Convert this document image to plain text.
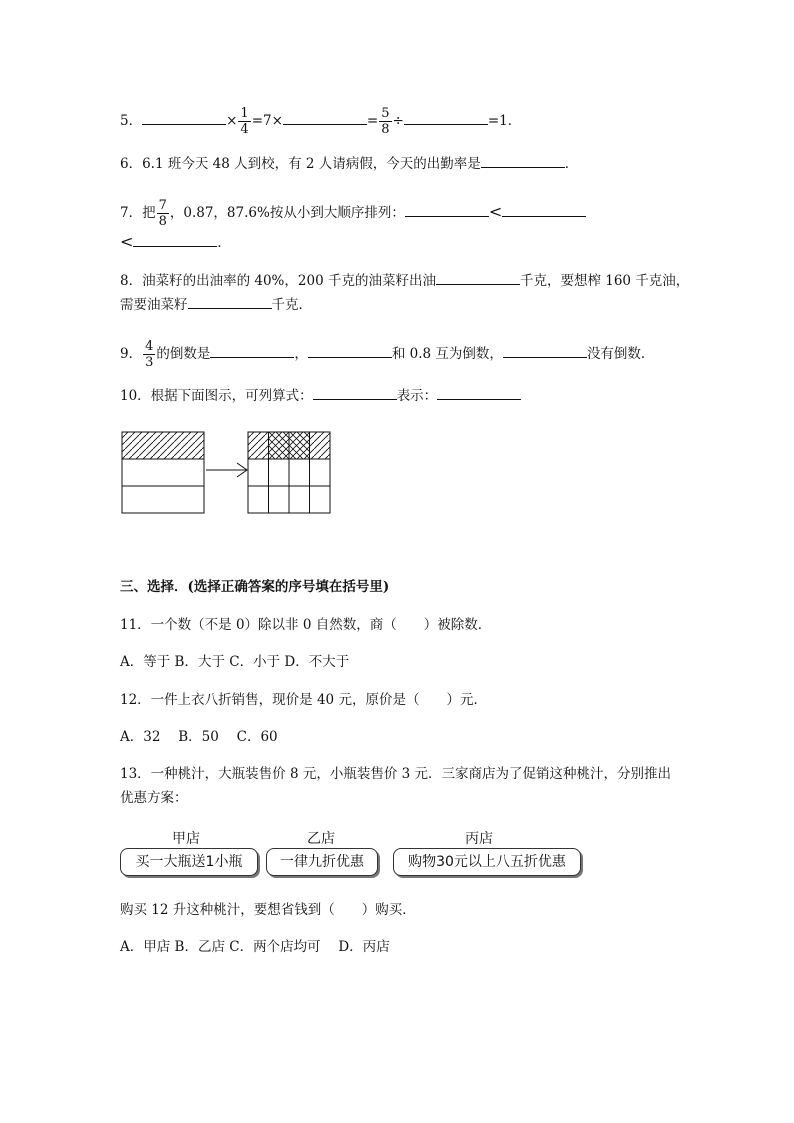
5．	× $\frac{1}{4} =7\times$	= $\frac{5}{8}$ ÷	=1．
6．6.1 班今天 48 人到校，有 2 人请病假，今天的出勤率是	．
7．把 $\frac{7}{8}$ ，0.87，87.6%按从小到大顺序排列：	<
<	．
8．油菜籽的出油率的 40%，200 千克的油菜籽出油	千克，要想榨 160 千克油，
需要油菜籽	千克．
9． $\frac{4}{3}$ 的倒数是	，	和 0.8 互为倒数，	没有倒数．
10．根据下面图示，可列算式：	表示：
三、选择．(选择正确答案的序号填在括号里)
11．一个数（不是 0）除以非 0 自然数，商（　　）被除数．
A．等于 B．大于 C．小于 D．不大于
12．一件上衣八折销售，现价是 40 元，原价是（　　）元．
A．32　 B．50　 C．60
13．一种桃汁，大瓶装售价 8 元，小瓶装售价 3 元．三家商店为了促销这种桃汁，分别推出
优惠方案：
甲店	乙店	丙店
买一大瓶送1小瓶	一律九折优惠	购物30元以上八五折优惠
购买 12 升这种桃汁，要想省钱到（　　）购买．
A．甲店 B．乙店 C．两个店均可　 D．丙店
